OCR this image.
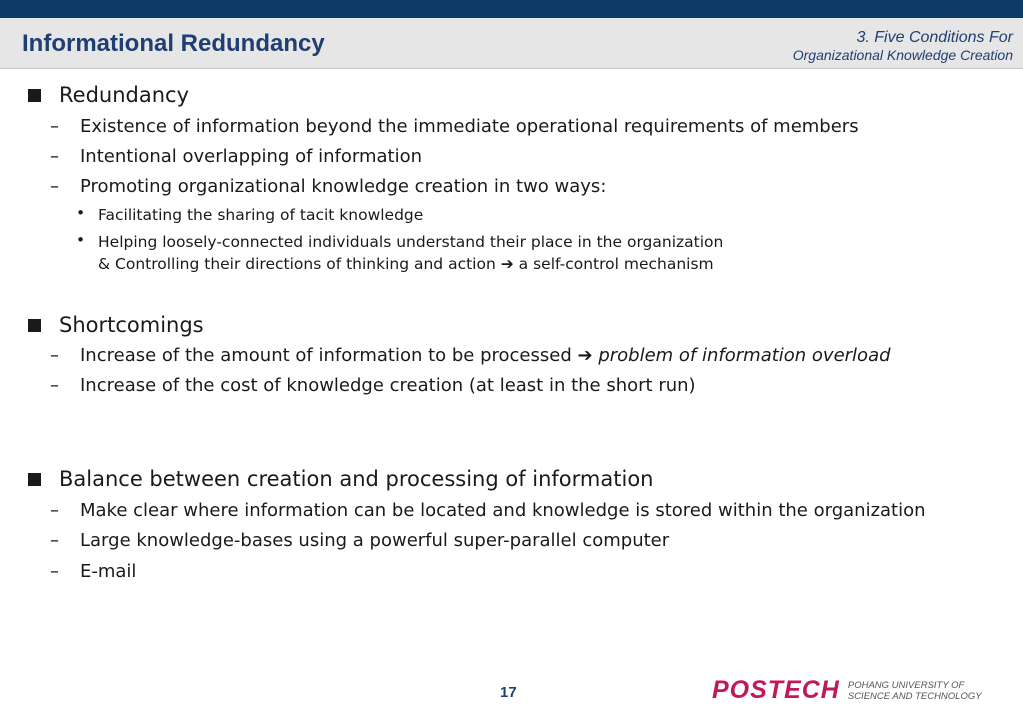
Informational Redundancy	3. Five Conditions For
Organizational Knowledge Creation
Redundancy
–	Existence of information beyond the immediate operational requirements of members
–	Intentional overlapping of information
–	Promoting organizational knowledge creation in two ways:
• Facilitating the sharing of tacit knowledge
• Helping loosely-connected individuals understand their place in the organization
& Controlling their directions of thinking and action ➔ a self-control mechanism
Shortcomings
–	Increase of the amount of information to be processed ➔ problem of information overload
–	Increase of the cost of knowledge creation (at least in the short run)
Balance between creation and processing of information
–	Make clear where information can be located and knowledge is stored within the organization
–	Large knowledge-bases using a powerful super-parallel computer
–	E-mail
17	POSTECH POHANG UNIVERSITY OF
SCIENCE AND TECHNOLOGY
